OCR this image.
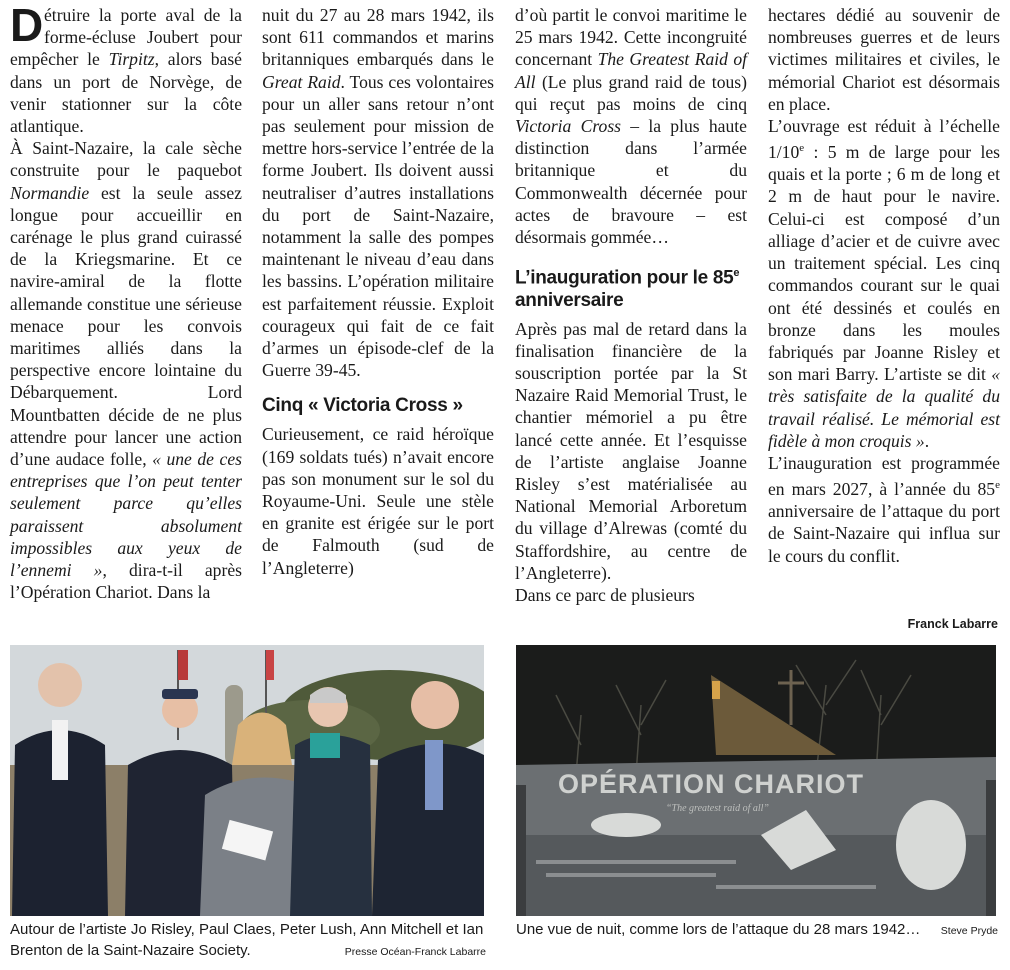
D étruire la porte aval de la forme-écluse Joubert pour empêcher le Tirpitz, alors basé dans un port de Norvège, de venir stationner sur la côte atlantique.

À Saint-Nazaire, la cale sèche construite pour le paquebot Normandie est la seule assez longue pour accueillir en carénage le plus grand cuirassé de la Kriegsmarine. Et ce navire-amiral de la flotte allemande constitue une sérieuse menace pour les convois maritimes alliés dans la perspective encore lointaine du Débarquement. Lord Mountbatten décide de ne plus attendre pour lancer une action d’une audace folle, « une de ces entreprises que l’on peut tenter seulement parce qu’elles paraissent absolument impossibles aux yeux de l’ennemi », dira-t-il après l’Opération Chariot. Dans la

nuit du 27 au 28 mars 1942, ils sont 611 commandos et marins britanniques embarqués dans le Great Raid. Tous ces volontaires pour un aller sans retour n’ont pas seulement pour mission de mettre hors-service l’entrée de la forme Joubert. Ils doivent aussi neutraliser d’autres installations du port de Saint-Nazaire, notamment la salle des pompes maintenant le niveau d’eau dans les bassins. L’opération militaire est parfaitement réussie. Exploit courageux qui fait de ce fait d’armes un épisode-clef de la Guerre 39-45.

Cinq « Victoria Cross »

Curieusement, ce raid héroïque (169 soldats tués) n’avait encore pas son monument sur le sol du Royaume-Uni. Seule une stèle en granite est érigée sur le port de Falmouth (sud de l’Angleterre)

d’où partit le convoi maritime le 25 mars 1942. Cette incongruité concernant The Greatest Raid of All (Le plus grand raid de tous) qui reçut pas moins de cinq Victoria Cross – la plus haute distinction dans l’armée britannique et du Commonwealth décernée pour actes de bravoure – est désormais gommée…

L’inauguration pour le 85e anniversaire

Après pas mal de retard dans la finalisation financière de la souscription portée par la St Nazaire Raid Memorial Trust, le chantier mémoriel a pu être lancé cette année. Et l’esquisse de l’artiste anglaise Joanne Risley s’est matérialisée au National Memorial Arboretum du village d’Alrewas (comté du Staffordshire, au centre de l’Angleterre).

Dans ce parc de plusieurs

hectares dédié au souvenir de nombreuses guerres et de leurs victimes militaires et civiles, le mémorial Chariot est désormais en place.

L’ouvrage est réduit à l’échelle 1/10e : 5 m de large pour les quais et la porte ; 6 m de long et 2 m de haut pour le navire. Celui-ci est composé d’un alliage d’acier et de cuivre avec un traitement spécial. Les cinq commandos courant sur le quai ont été dessinés et coulés en bronze dans les moules fabriqués par Joanne Risley et son mari Barry. L’artiste se dit « très satisfaite de la qualité du travail réalisé. Le mémorial est fidèle à mon croquis ».

L’inauguration est programmée en mars 2027, à l’année du 85e anniversaire de l’attaque du port de Saint-Nazaire qui influa sur le cours du conflit.

Franck Labarre
Autour de l’artiste Jo Risley, Paul Claes, Peter Lush, Ann Mitchell et Ian Brenton de la Saint-Nazaire Society.	Presse Océan-Franck Labarre
OPÉRATION CHARIOT
“The greatest raid of all”
Une vue de nuit, comme lors de l’attaque du 28 mars 1942… Steve Pryde
